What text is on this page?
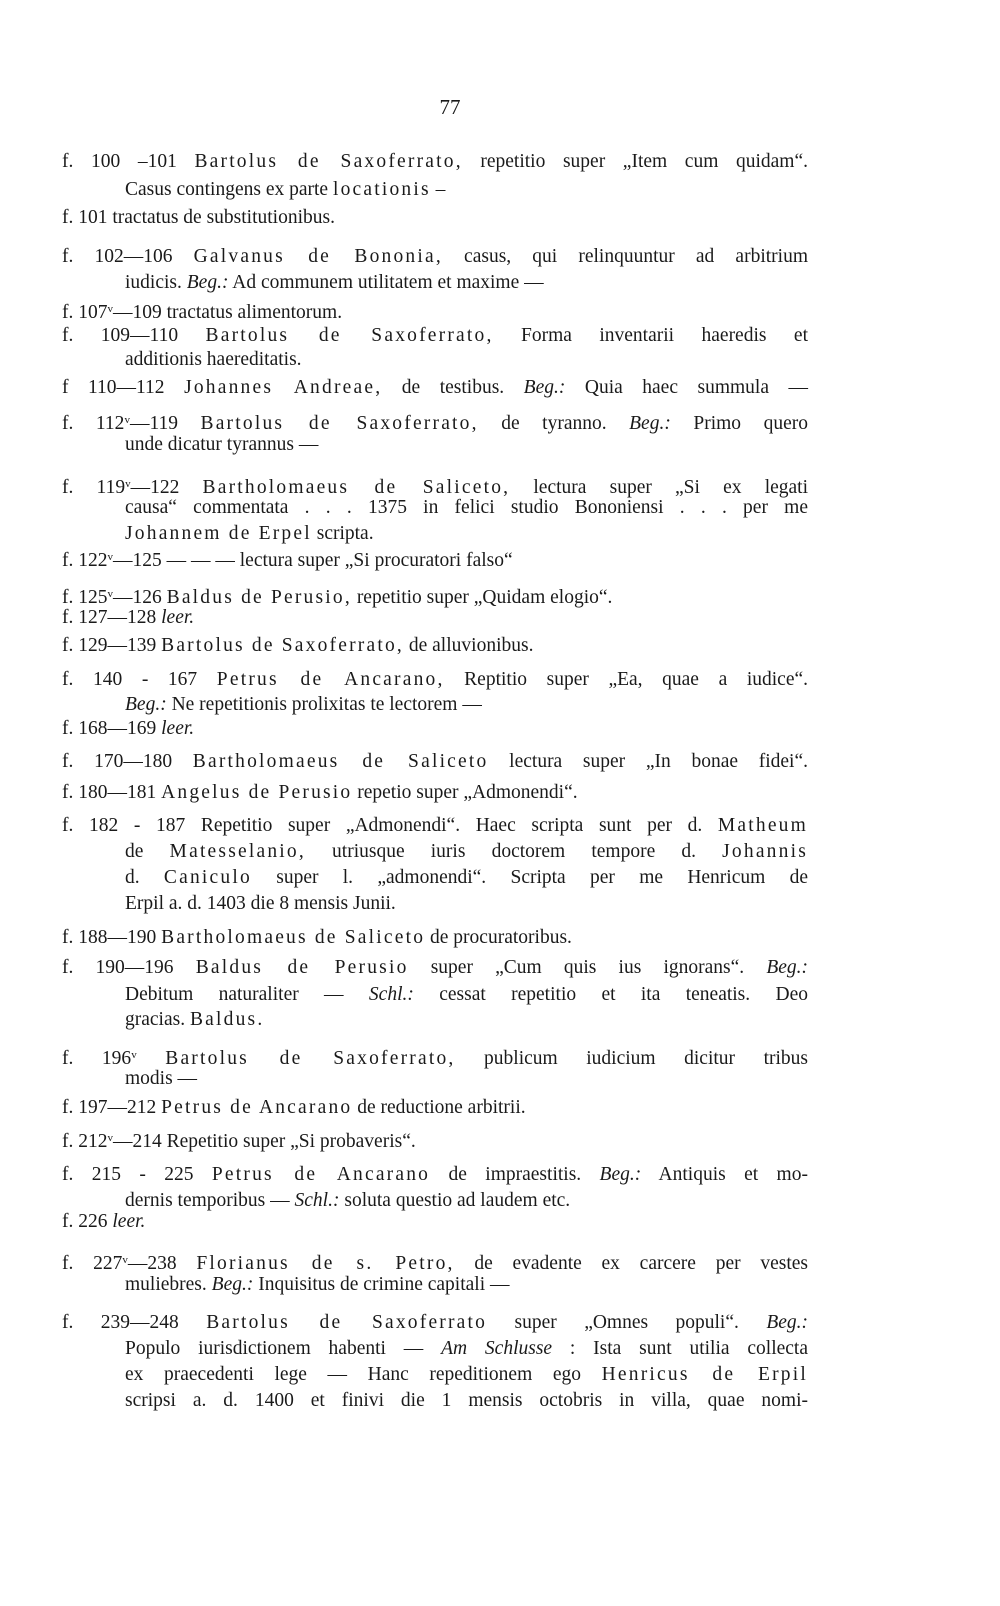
77
f. 100 –101 Bartolus de Saxoferrato, repetitio super „Item cum quidam“.
Casus contingens ex parte locationis –
f. 101 tractatus de substitutionibus.
f. 102—106 Galvanus de Bononia, casus, qui relinquuntur ad arbitrium
iudicis. Beg.: Ad communem utilitatem et maxime —
f. 107$^v$—109 tractatus alimentorum.
f. 109—110 Bartolus de Saxoferrato, Forma inventarii haeredis et
additionis haereditatis.
f 110—112 Johannes Andreae, de testibus. Beg.: Quia haec summula —
f. 112$^v$—119 Bartolus de Saxoferrato, de tyranno. Beg.: Primo quero
unde dicatur tyrannus —
f. 119$^v$—122 Bartholomaeus de Saliceto, lectura super „Si ex legati
causa“ commentata . . . 1375 in felici studio Bononiensi . . . per me
Johannem de Erpel scripta.
f. 122$^v$—125 — — — lectura super „Si procuratori falso“
f. 125$^v$—126 Baldus de Perusio, repetitio super „Quidam elogio“.
f. 127—128 leer.
f. 129—139 Bartolus de Saxoferrato, de alluvionibus.
f. 140 - 167 Petrus de Ancarano, Reptitio super „Ea, quae a iudice“.
Beg.: Ne repetitionis prolixitas te lectorem —
f. 168—169 leer.
f. 170—180 Bartholomaeus de Saliceto lectura super „In bonae fidei“.
f. 180—181 Angelus de Perusio repetio super „Admonendi“.
f. 182 - 187 Repetitio super „Admonendi“. Haec scripta sunt per d. Matheum
de Matesselanio, utriusque iuris doctorem tempore d. Johannis
d. Caniculo super l. „admonendi“. Scripta per me Henricum de
Erpil a. d. 1403 die 8 mensis Junii.
f. 188—190 Bartholomaeus de Saliceto de procuratoribus.
f. 190—196 Baldus de Perusio super „Cum quis ius ignorans“. Beg.:
Debitum naturaliter — Schl.: cessat repetitio et ita teneatis. Deo
gracias. Baldus.
f. 196$^v$ Bartolus de Saxoferrato, publicum iudicium dicitur tribus
modis —
f. 197—212 Petrus de Ancarano de reductione arbitrii.
f. 212$^v$—214 Repetitio super „Si probaveris“.
f. 215 - 225 Petrus de Ancarano de impraestitis. Beg.: Antiquis et mo-
dernis temporibus — Schl.: soluta questio ad laudem etc.
f. 226 leer.
f. 227$^v$—238 Florianus de s. Petro, de evadente ex carcere per vestes
muliebres. Beg.: Inquisitus de crimine capitali —
f. 239—248 Bartolus de Saxoferrato super „Omnes populi“. Beg.:
Populo iurisdictionem habenti — Am Schlusse : Ista sunt utilia collecta
ex praecedenti lege — Hanc repeditionem ego Henricus de Erpil
scripsi a. d. 1400 et finivi die 1 mensis octobris in villa, quae nomi-
